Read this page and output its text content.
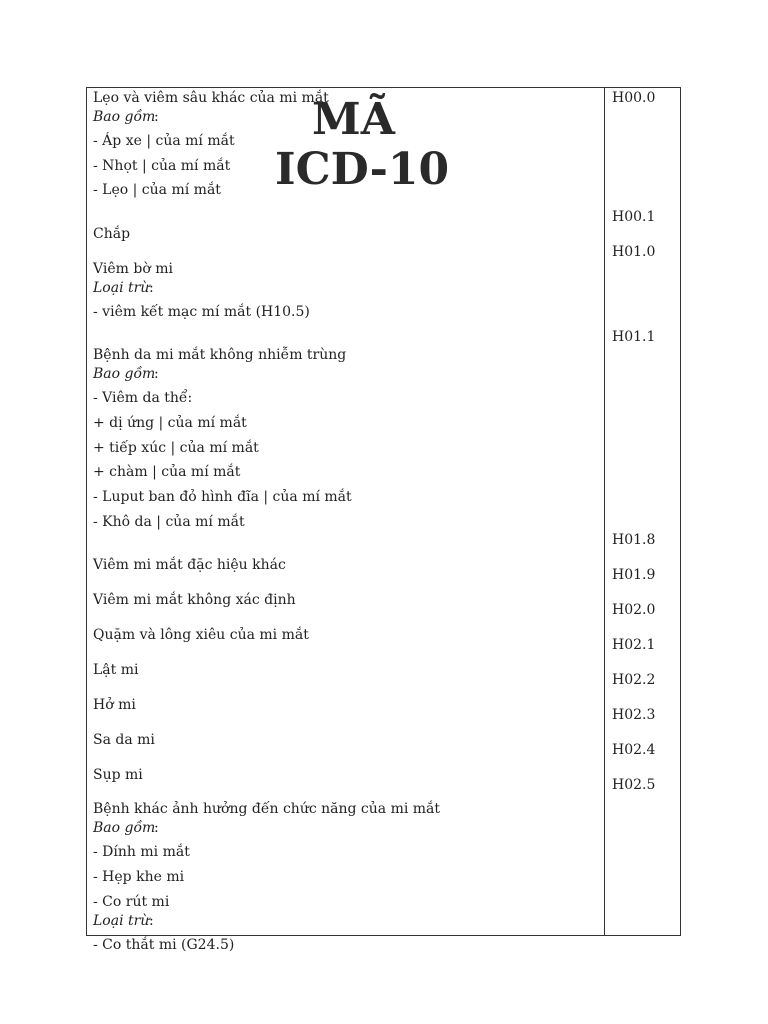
Lẹo và viêm sâu khác của mi mắt
Bao gồm
:
- Áp xe | của mí mắt
- Nhọt | của mí mắt
- Lẹo | của mí mắt
Chắp
Viêm bờ mi
Loại trừ :
- viêm kết mạc mí mắt (H10.5)
Bệnh da mi mắt không nhiễm trùng
Bao gồm
:
- Viêm da thể:
+ dị ứng | của mí mắt
+ tiếp xúc | của mí mắt
+ chàm | của mí mắt
- Luput ban đỏ hình đĩa | của mí mắt
- Khô da | của mí mắt
Viêm mi mắt đặc hiệu khác
Viêm mi mắt không xác định
Quặm và lông xiêu của mi mắt
Lật mi
Hở mi
Sa da mi
Sụp mi
Bệnh khác ảnh hưởng đến chức năng của mi mắt
Bao gồm
:
- Dính mi mắt
- Hẹp khe mi
- Co rút mi
Loại trừ :
- Co thắt mi (G24.5)
H00.0
H00.1
H01.0
H01.1
H01.8
H01.9
H02.0
H02.1
H02.2
H02.3
H02.4
H02.5
MÃ
ICD-10
